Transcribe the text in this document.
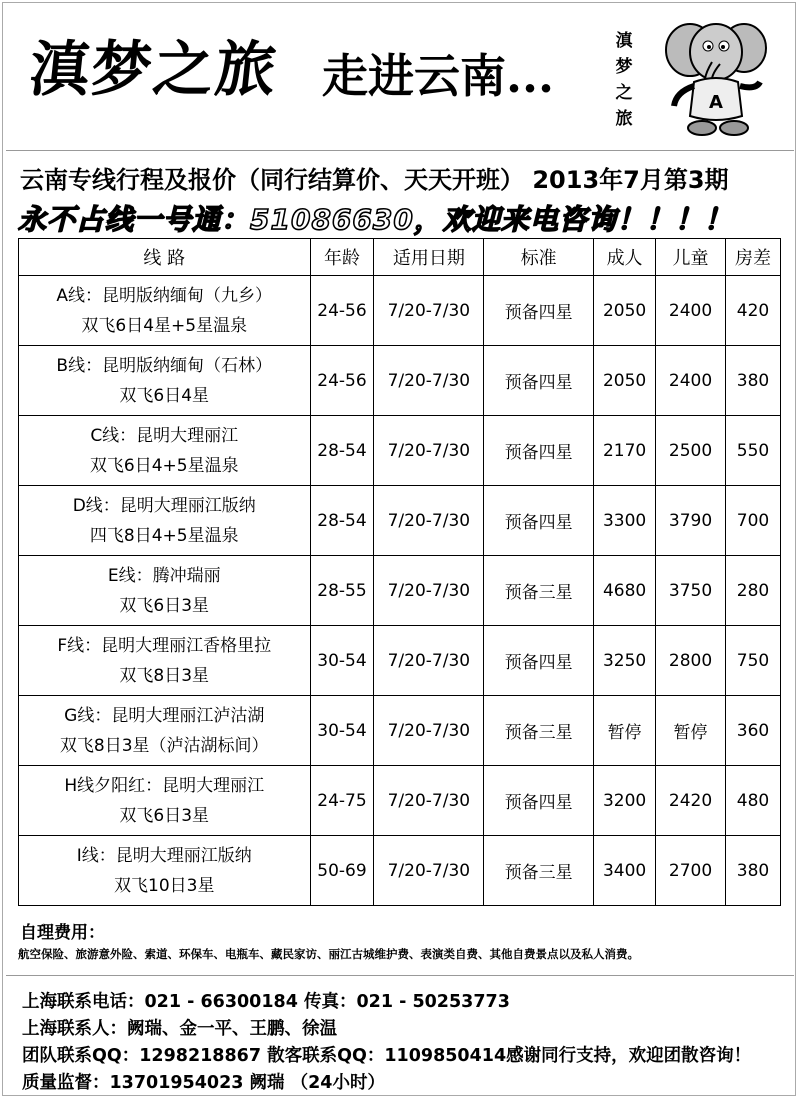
滇梦之旅 走进云南...
滇梦之旅
A
云南专线行程及报价（同行结算价、天天开班） 2013年7月第3期
永不占线一号通：51086630，欢迎来电咨询！！！！
线 路	年龄	适用日期	标准	成人	儿童	房差

A线：昆明版纳缅甸（九乡）
双飞6日4星+5星温泉	24-56	7/20-7/30	预备四星	2050	2400	420

B线：昆明版纳缅甸（石林）
双飞6日4星	24-56	7/20-7/30	预备四星	2050	2400	380

C线：昆明大理丽江
双飞6日4+5星温泉	28-54	7/20-7/30	预备四星	2170	2500	550

D线：昆明大理丽江版纳
四飞8日4+5星温泉	28-54	7/20-7/30	预备四星	3300	3790	700

E线：腾冲瑞丽
双飞6日3星	28-55	7/20-7/30	预备三星	4680	3750	280

F线：昆明大理丽江香格里拉
双飞8日3星	30-54	7/20-7/30	预备四星	3250	2800	750

G线：昆明大理丽江泸沽湖
双飞8日3星（泸沽湖标间）	30-54	7/20-7/30	预备三星	暂停	暂停	360

H线夕阳红：昆明大理丽江
双飞6日3星	24-75	7/20-7/30	预备四星	3200	2420	480

I线：昆明大理丽江版纳
双飞10日3星	50-69	7/20-7/30	预备三星	3400	2700	380
自理费用：
航空保险、旅游意外险、索道、环保车、电瓶车、藏民家访、丽江古城维护费、表演类自费、其他自费景点以及私人消费。
上海联系电话：021 - 66300184 传真：021 - 50253773
上海联系人：阙瑞、金一平、王鹏、徐温
团队联系QQ：1298218867 散客联系QQ：1109850414感谢同行支持，欢迎团散咨询！
质量监督：13701954023 阙瑞 （24小时）
